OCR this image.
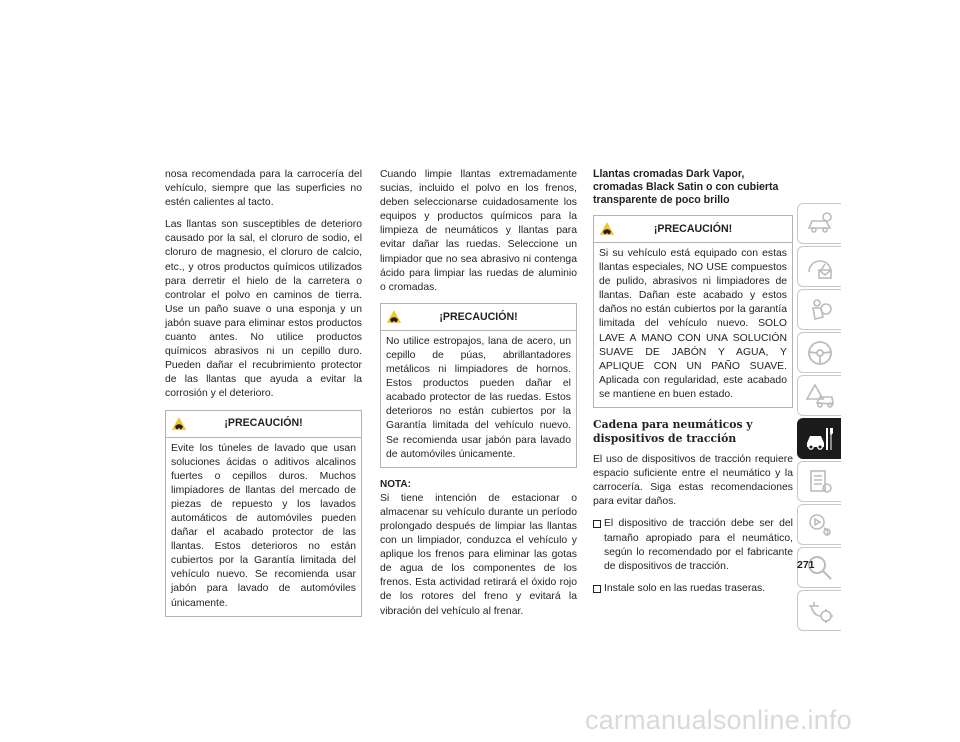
nosa recomendada para la carrocería del vehículo, siempre que las superficies no estén calientes al tacto.

Las llantas son susceptibles de deterioro causado por la sal, el cloruro de sodio, el cloruro de magnesio, el cloruro de calcio, etc., y otros productos químicos utilizados para derretir el hielo de la carretera o controlar el polvo en caminos de tierra. Use un paño suave o una esponja y un jabón suave para eliminar estos productos cuanto antes. No utilice productos químicos abrasivos ni un cepillo duro. Pueden dañar el recubrimiento protector de las llantas que ayuda a evitar la corrosión y el deterioro.

¡PRECAUCIÓN!
Evite los túneles de lavado que usan soluciones ácidas o aditivos alcalinos fuertes o cepillos duros. Muchos limpiadores de llantas del mercado de piezas de repuesto y los lavados automáticos de automóviles pueden dañar el acabado protector de las llantas. Estos deterioros no están cubiertos por la Garantía limitada del vehículo nuevo. Se recomienda usar jabón para lavado de automóviles únicamente.

Cuando limpie llantas extremadamente sucias, incluido el polvo en los frenos, deben seleccionarse cuidadosamente los equipos y productos químicos para la limpieza de neumáticos y llantas para evitar dañar las ruedas. Seleccione un limpiador que no sea abrasivo ni contenga ácido para limpiar las ruedas de aluminio o cromadas.

¡PRECAUCIÓN!
No utilice estropajos, lana de acero, un cepillo de púas, abrillantadores metálicos ni limpiadores de hornos. Estos productos pueden dañar el acabado protector de las ruedas. Estos deterioros no están cubiertos por la Garantía limitada del vehículo nuevo. Se recomienda usar jabón para lavado de automóviles únicamente.
NOTA:

Si tiene intención de estacionar o almacenar su vehículo durante un período prolongado después de limpiar las llantas con un limpiador, conduzca el vehículo y aplique los frenos para eliminar las gotas de agua de los componentes de los frenos. Esta actividad retirará el óxido rojo de los rotores del freno y evitará la vibración del vehículo al frenar.

Llantas cromadas Dark Vapor, cromadas Black Satin o con cubierta transparente de poco brillo
¡PRECAUCIÓN!
Si su vehículo está equipado con estas llantas especiales, NO USE compuestos de pulido, abrasivos ni limpiadores de llantas. Dañan este acabado y estos daños no están cubiertos por la garantía limitada del vehículo nuevo. SOLO LAVE A MANO CON UNA SOLUCIÓN SUAVE DE JABÓN Y AGUA, Y APLIQUE CON UN PAÑO SUAVE. Aplicada con regularidad, este acabado se mantiene en buen estado.
Cadena para neumáticos y dispositivos de tracción

El uso de dispositivos de tracción requiere espacio suficiente entre el neumático y la carrocería. Siga estas recomendaciones para evitar daños.

El dispositivo de tracción debe ser del tamaño apropiado para el neumático, según lo recomendado por el fabricante de dispositivos de tracción.
Instale solo en las ruedas traseras.
271
carmanualsonline.info
